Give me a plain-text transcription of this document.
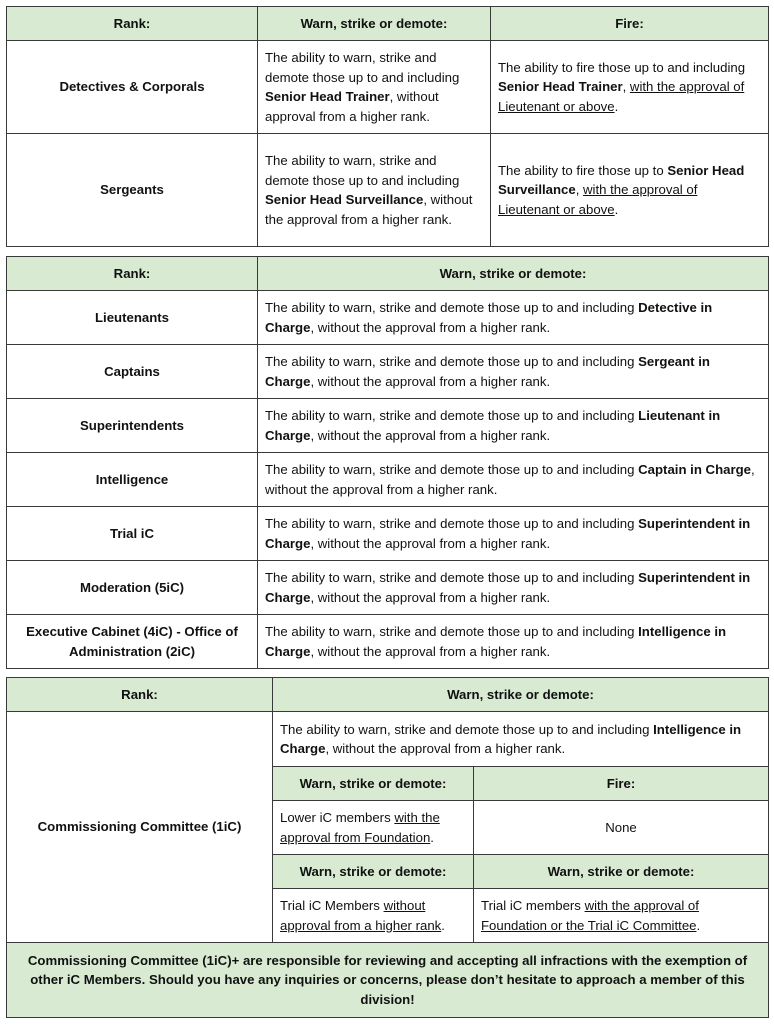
Rank:	Warn, strike or demote:	Fire:
Detectives & Corporals	The ability to warn, strike and demote those up to and including Senior Head Trainer, without approval from a higher rank.	The ability to fire those up to and including Senior Head Trainer, with the approval of Lieutenant or above.
Sergeants	The ability to warn, strike and demote those up to and including Senior Head Surveillance, without the approval from a higher rank.	The ability to fire those up to Senior Head Surveillance, with the approval of Lieutenant or above.
Rank:	Warn, strike or demote:
Lieutenants	The ability to warn, strike and demote those up to and including Detective in Charge, without the approval from a higher rank.
Captains	The ability to warn, strike and demote those up to and including Sergeant in Charge, without the approval from a higher rank.
Superintendents	The ability to warn, strike and demote those up to and including Lieutenant in Charge, without the approval from a higher rank.
Intelligence	The ability to warn, strike and demote those up to and including Captain in Charge, without the approval from a higher rank.
Trial iC	The ability to warn, strike and demote those up to and including Superintendent in Charge, without the approval from a higher rank.
Moderation (5iC)	The ability to warn, strike and demote those up to and including Superintendent in Charge, without the approval from a higher rank.
Executive Cabinet (4iC) - Office of Administration (2iC)	The ability to warn, strike and demote those up to and including Intelligence in Charge, without the approval from a higher rank.
Rank:	Warn, strike or demote:	
Commissioning Committee (1iC)	The ability to warn, strike and demote those up to and including Intelligence in Charge, without the approval from a higher rank.	
	Warn, strike or demote:	Fire:
	Lower iC members with the approval from Foundation.	None
	Warn, strike or demote:	Warn, strike or demote:
	Trial iC Members without approval from a higher rank.	Trial iC members with the approval of Foundation or the Trial iC Committee.
Commissioning Committee (1iC)+ are responsible for reviewing and accepting all infractions with the exemption of other iC Members. Should you have any inquiries or concerns, please don’t hesitate to approach a member of this division!		
